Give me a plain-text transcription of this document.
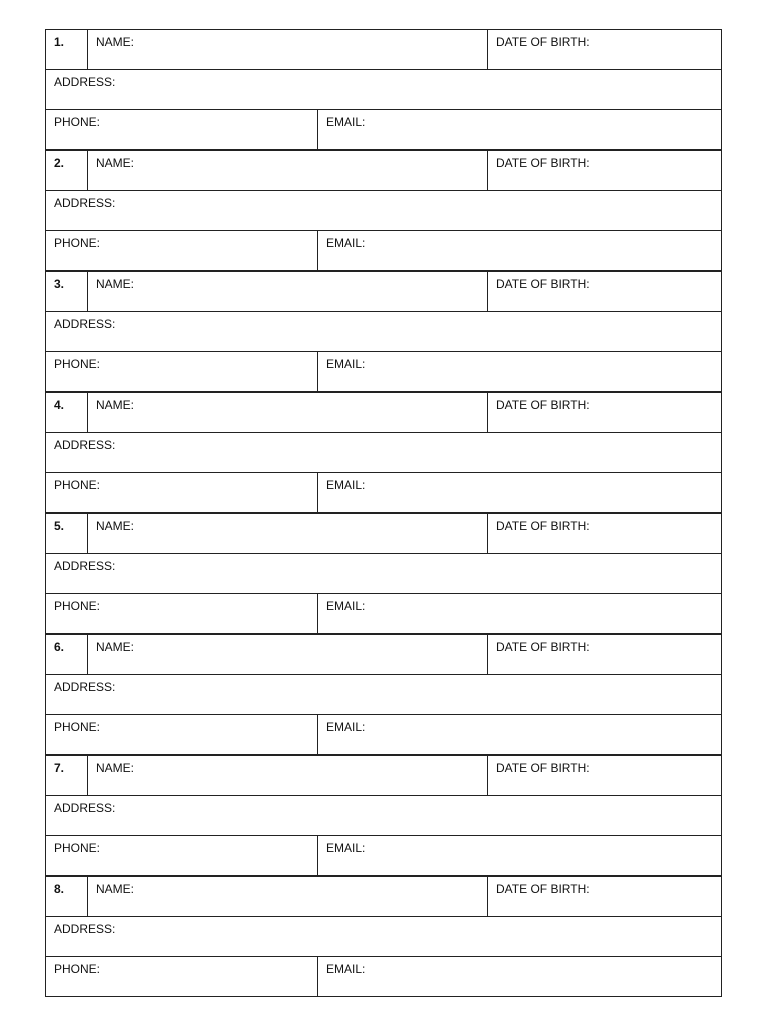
1.	NAME:	DATE OF BIRTH:
ADDRESS:
PHONE:	EMAIL:
2.	NAME:	DATE OF BIRTH:
ADDRESS:
PHONE:	EMAIL:
3.	NAME:	DATE OF BIRTH:
ADDRESS:
PHONE:	EMAIL:
4.	NAME:	DATE OF BIRTH:
ADDRESS:
PHONE:	EMAIL:
5.	NAME:	DATE OF BIRTH:
ADDRESS:
PHONE:	EMAIL:
6.	NAME:	DATE OF BIRTH:
ADDRESS:
PHONE:	EMAIL:
7.	NAME:	DATE OF BIRTH:
ADDRESS:
PHONE:	EMAIL:
8.	NAME:	DATE OF BIRTH:
ADDRESS:
PHONE:	EMAIL:
